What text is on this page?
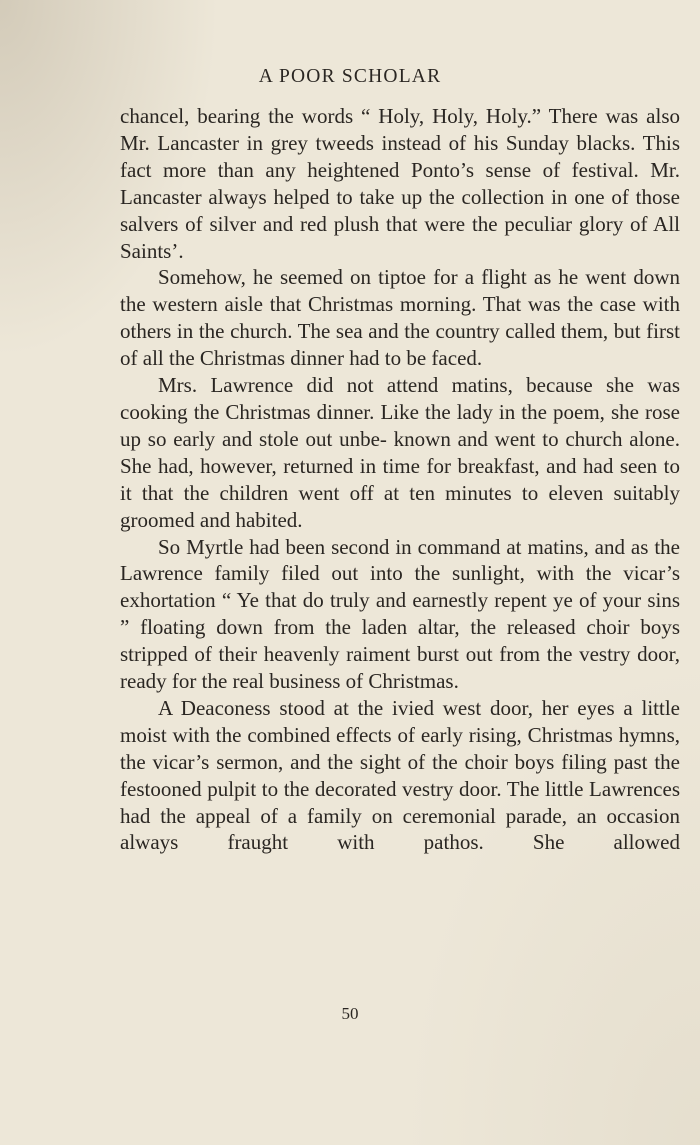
A POOR SCHOLAR

chancel, bearing the words “ Holy, Holy, Holy.” There was also Mr. Lancaster in grey tweeds instead of his Sunday blacks. This fact more than any heightened Ponto’s sense of festival. Mr. Lancaster always helped to take up the collection in one of those salvers of silver and red plush that were the peculiar glory of All Saints’.

Somehow, he seemed on tiptoe for a flight as he went down the western aisle that Christmas morning. That was the case with others in the church. The sea and the country called them, but first of all the Christmas dinner had to be faced.

Mrs. Lawrence did not attend matins, because she was cooking the Christmas dinner. Like the lady in the poem, she rose up so early and stole out unbe- known and went to church alone. She had, however, returned in time for breakfast, and had seen to it that the children went off at ten minutes to eleven suitably groomed and habited.

So Myrtle had been second in command at matins, and as the Lawrence family filed out into the sunlight, with the vicar’s exhortation “ Ye that do truly and earnestly repent ye of your sins ” floating down from the laden altar, the released choir boys stripped of their heavenly raiment burst out from the vestry door, ready for the real business of Christmas.

A Deaconess stood at the ivied west door, her eyes a little moist with the combined effects of early rising, Christmas hymns, the vicar’s sermon, and the sight of the choir boys filing past the festooned pulpit to the decorated vestry door. The little Lawrences had the appeal of a family on ceremonial parade, an occasion always fraught with pathos. She allowed

50
